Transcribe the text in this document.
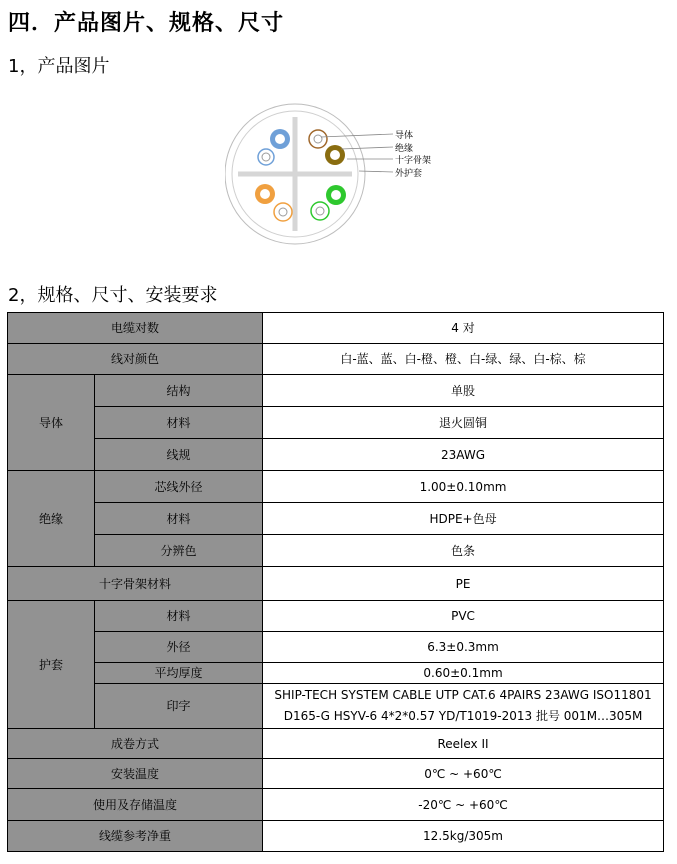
四．产品图片、规格、尺寸
1，产品图片
导体
绝缘
十字骨架
外护套
2，规格、尺寸、安装要求
电缆对数		4 对
线对颜色		白-蓝、蓝、白-橙、橙、白-绿、绿、白-棕、棕
导体	结构	单股
	材料	退火圆铜
	线规	23AWG
绝缘	芯线外径	1.00±0.10mm
	材料	HDPE+色母
	分辨色	色条
十字骨架材料		PE
护套	材料	PVC
	外径	6.3±0.3mm
	平均厚度	0.60±0.1mm
	印字	SHIP-TECH SYSTEM CABLE UTP CAT.6 4PAIRS 23AWG ISO11801
D165-G HSYV-6 4*2*0.57 YD/T1019-2013 批号 001M…305M

成卷方式		Reelex II
安装温度		0℃ ~ +60℃
使用及存储温度		-20℃ ~ +60℃
线缆参考净重		12.5kg/305m
